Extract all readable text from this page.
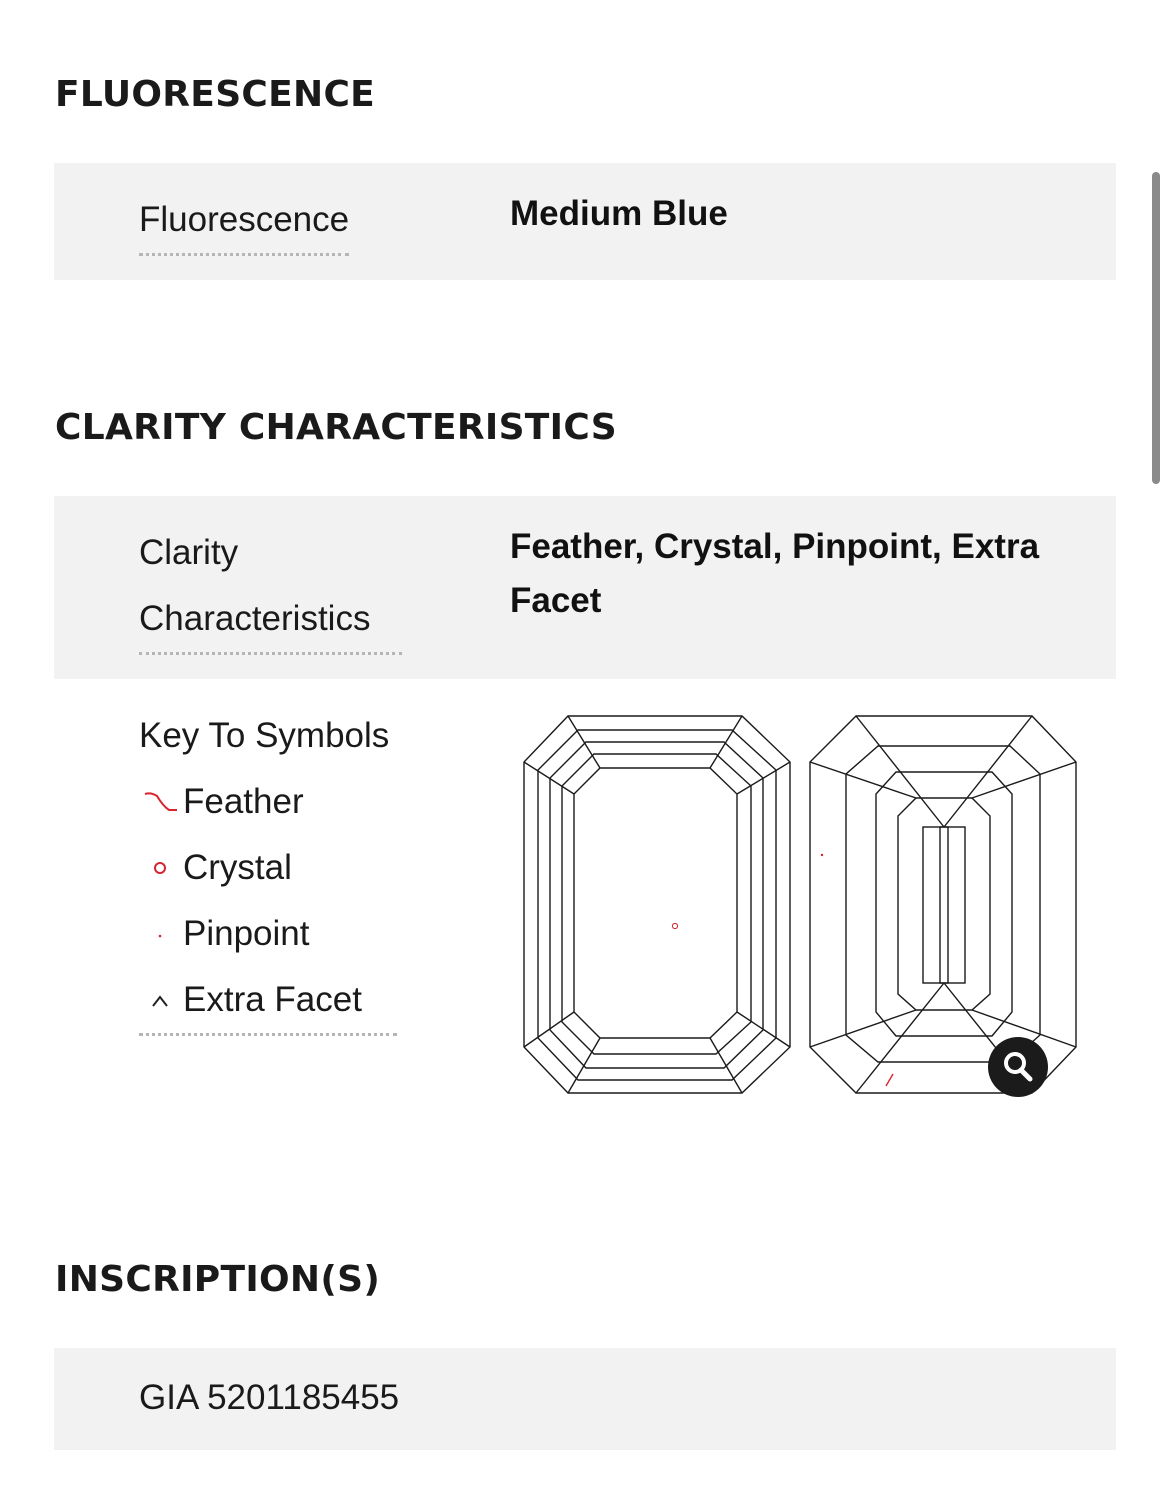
FLUORESCENCE
Fluorescence	Medium Blue
CLARITY CHARACTERISTICS
Clarity
Characteristics
Feather, Crystal, Pinpoint, Extra
Facet
Key To Symbols
Feather
Crystal
Pinpoint
Extra Facet
INSCRIPTION(S)
GIA 5201185455
